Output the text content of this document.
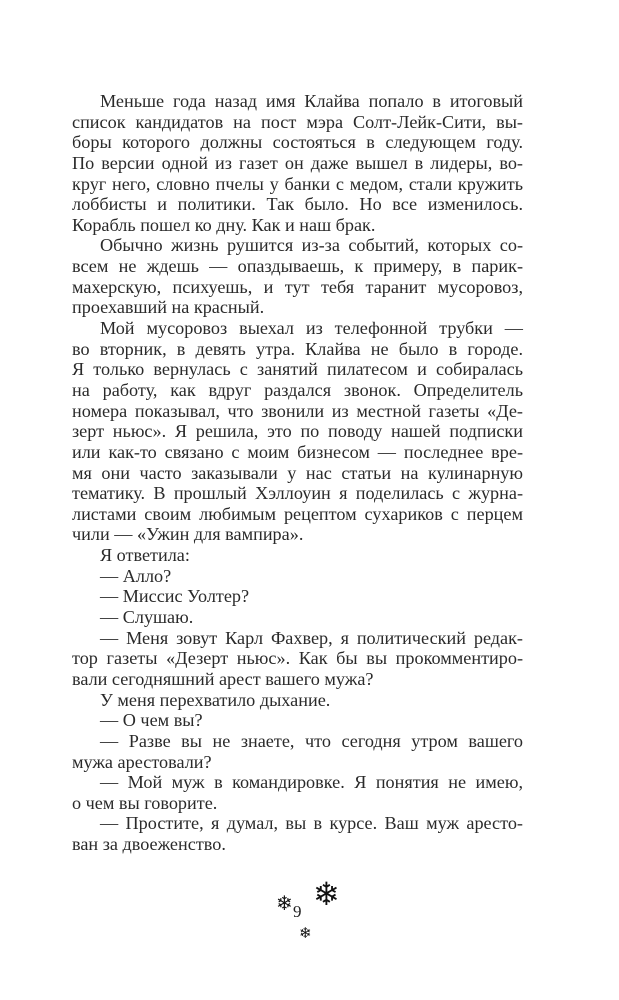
Меньше года назад имя Клайва попало в итоговый
список кандидатов на пост мэра Солт-Лейк-Сити, вы-
боры которого должны состояться в следующем году.
По версии одной из газет он даже вышел в лидеры, во-
круг него, словно пчелы у банки с медом, стали кружить
лоббисты и политики. Так было. Но все изменилось.
Корабль пошел ко дну. Как и наш брак.
Обычно жизнь рушится из-за событий, которых со-
всем не ждешь — опаздываешь, к примеру, в парик-
махерскую, психуешь, и тут тебя таранит мусоровоз,
проехавший на красный.
Мой мусоровоз выехал из телефонной трубки —
во вторник, в девять утра. Клайва не было в городе.
Я только вернулась с занятий пилатесом и собиралась
на работу, как вдруг раздался звонок. Определитель
номера показывал, что звонили из местной газеты «Де-
зерт ньюс». Я решила, это по поводу нашей подписки
или как-то связано с моим бизнесом — последнее вре-
мя они часто заказывали у нас статьи на кулинарную
тематику. В прошлый Хэллоуин я поделилась с журна-
листами своим любимым рецептом сухариков с перцем
чили — «Ужин для вампира».
Я ответила:
— Алло?
— Миссис Уолтер?
— Слушаю.
— Меня зовут Карл Фахвер, я политический редак-
тор газеты «Дезерт ньюс». Как бы вы прокомментиро-
вали сегодняшний арест вашего мужа?
У меня перехватило дыхание.
— О чем вы?
— Разве вы не знаете, что сегодня утром вашего
мужа арестовали?
— Мой муж в командировке. Я понятия не имею,
о чем вы говорите.
— Простите, я думал, вы в курсе. Ваш муж аресто-
ван за двоеженство.
❄ ❄
❄
9
